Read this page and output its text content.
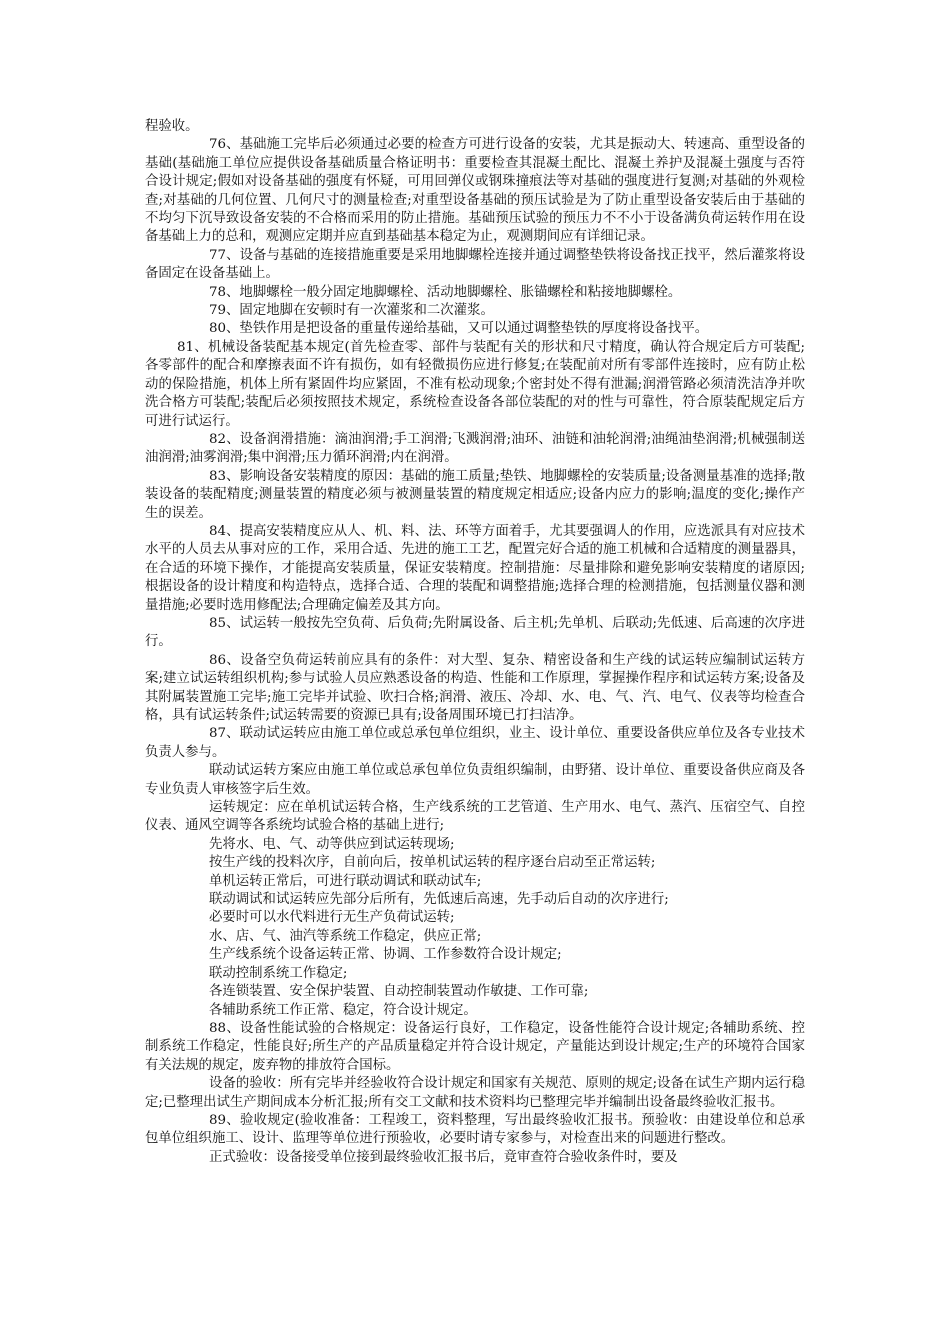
程验收。

76、基础施工完毕后必须通过必要的检查方可进行设备的安装，尤其是振动大、转速高、重型设备的基础(基础施工单位应提供设备基础质量合格证明书：重要检查其混凝土配比、混凝土养护及混凝土强度与否符合设计规定;假如对设备基础的强度有怀疑，可用回弹仪或钢珠撞痕法等对基础的强度进行复测;对基础的外观检查;对基础的几何位置、几何尺寸的测量检查;对重型设备基础的预压试验是为了防止重型设备安装后由于基础的不均匀下沉导致设备安装的不合格而采用的防止措施。基础预压试验的预压力不不小于设备满负荷运转作用在设备基础上力的总和，观测应定期并应直到基础基本稳定为止，观测期间应有详细记录。

77、设备与基础的连接措施重要是采用地脚螺栓连接并通过调整垫铁将设备找正找平，然后灌浆将设备固定在设备基础上。

78、地脚螺栓一般分固定地脚螺栓、活动地脚螺栓、胀锚螺栓和粘接地脚螺栓。

79、固定地脚在安顿时有一次灌浆和二次灌浆。

80、垫铁作用是把设备的重量传递给基础，又可以通过调整垫铁的厚度将设备找平。

81、机械设备装配基本规定(首先检查零、部件与装配有关的形状和尺寸精度，确认符合规定后方可装配;各零部件的配合和摩擦表面不许有损伤，如有轻微损伤应进行修复;在装配前对所有零部件连接时，应有防止松动的保险措施，机体上所有紧固件均应紧固，不准有松动现象;个密封处不得有泄漏;润滑管路必须清洗洁净并吹洗合格方可装配;装配后必须按照技术规定，系统检查设备各部位装配的对的性与可靠性，符合原装配规定后方可进行试运行。

82、设备润滑措施：滴油润滑;手工润滑;飞溅润滑;油环、油链和油轮润滑;油绳油垫润滑;机械强制送油润滑;油雾润滑;集中润滑;压力循环润滑;内在润滑。

83、影响设备安装精度的原因：基础的施工质量;垫铁、地脚螺栓的安装质量;设备测量基准的选择;散装设备的装配精度;测量装置的精度必须与被测量装置的精度规定相适应;设备内应力的影响;温度的变化;操作产生的误差。

84、提高安装精度应从人、机、料、法、环等方面着手，尤其要强调人的作用，应选派具有对应技术水平的人员去从事对应的工作，采用合适、先进的施工工艺，配置完好合适的施工机械和合适精度的测量器具，在合适的环境下操作，才能提高安装质量，保证安装精度。控制措施：尽量排除和避免影响安装精度的诸原因;根据设备的设计精度和构造特点，选择合适、合理的装配和调整措施;选择合理的检测措施，包括测量仪器和测量措施;必要时选用修配法;合理确定偏差及其方向。

85、试运转一般按先空负荷、后负荷;先附属设备、后主机;先单机、后联动;先低速、后高速的次序进行。

86、设备空负荷运转前应具有的条件：对大型、复杂、精密设备和生产线的试运转应编制试运转方案;建立试运转组织机构;参与试验人员应熟悉设备的构造、性能和工作原理，掌握操作程序和试运转方案;设备及其附属装置施工完毕;施工完毕并试验、吹扫合格;润滑、液压、冷却、水、电、气、汽、电气、仪表等均检查合格，具有试运转条件;试运转需要的资源已具有;设备周围环境已打扫洁净。

87、联动试运转应由施工单位或总承包单位组织，业主、设计单位、重要设备供应单位及各专业技术负责人参与。

联动试运转方案应由施工单位或总承包单位负责组织编制，由野猪、设计单位、重要设备供应商及各专业负责人审核签字后生效。

运转规定：应在单机试运转合格，生产线系统的工艺管道、生产用水、电气、蒸汽、压宿空气、自控仪表、通风空调等各系统均试验合格的基础上进行;

先将水、电、气、动等供应到试运转现场;

按生产线的投料次序，自前向后，按单机试运转的程序逐台启动至正常运转;

单机运转正常后，可进行联动调试和联动试车;

联动调试和试运转应先部分后所有，先低速后高速，先手动后自动的次序进行;

必要时可以水代料进行无生产负荷试运转;

水、店、气、油汽等系统工作稳定，供应正常;

生产线系统个设备运转正常、协调、工作参数符合设计规定;

联动控制系统工作稳定;

各连锁装置、安全保护装置、自动控制装置动作敏捷、工作可靠;

各辅助系统工作正常、稳定，符合设计规定。

88、设备性能试验的合格规定：设备运行良好，工作稳定，设备性能符合设计规定;各辅助系统、控制系统工作稳定，性能良好;所生产的产品质量稳定并符合设计规定，产量能达到设计规定;生产的环境符合国家有关法规的规定，废弃物的排放符合国标。

设备的验收：所有完毕并经验收符合设计规定和国家有关规范、原则的规定;设备在试生产期内运行稳定;已整理出试生产期间成本分析汇报;所有交工文献和技术资料均已整理完毕并编制出设备最终验收汇报书。

89、验收规定(验收准备：工程竣工，资料整理，写出最终验收汇报书。预验收：由建设单位和总承包单位组织施工、设计、监理等单位进行预验收，必要时请专家参与，对检查出来的问题进行整改。

正式验收：设备接受单位接到最终验收汇报书后，竟审查符合验收条件时，要及
